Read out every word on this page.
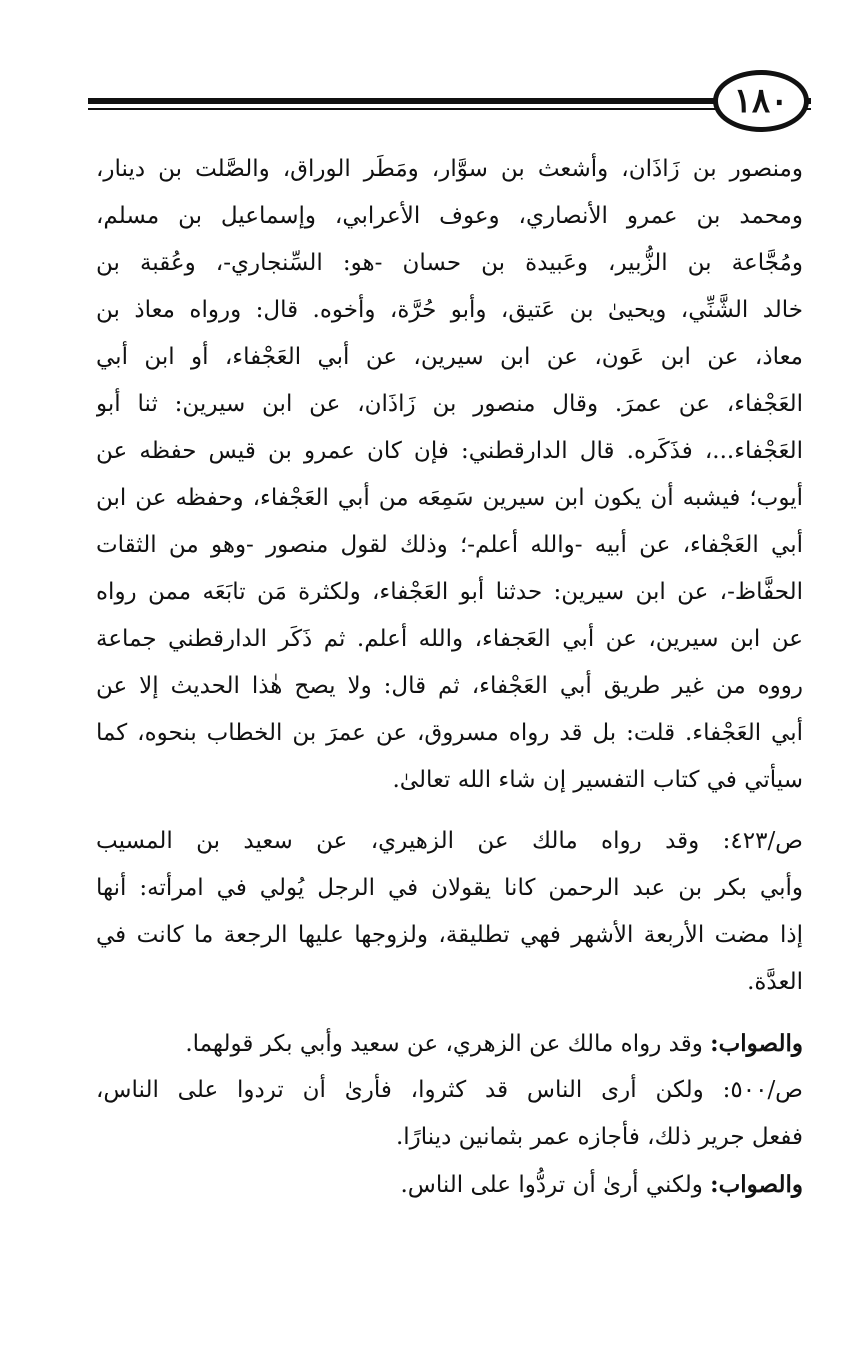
١٨٠
ومنصور بن زَاذَان، وأشعث بن سوَّار، ومَطَر الوراق، والصَّلت بن دينار،
ومحمد بن عمرو الأنصاري، وعوف الأعرابي، وإسماعيل بن مسلم،
ومُجَّاعة بن الزُّبير، وعَبيدة بن حسان -هو: السِّنجاري-، وعُقبة بن
خالد الشَّنِّي، ويحيىٰ بن عَتيق، وأبو حُرَّة، وأخوه. قال: ورواه معاذ بن
معاذ، عن ابن عَون، عن ابن سيرين، عن أبي العَجْفاء، أو ابن أبي
العَجْفاء، عن عمرَ. وقال منصور بن زَاذَان، عن ابن سيرين: ثنا أبو
العَجْفاء...، فذَكَره. قال الدارقطني: فإن كان عمرو بن قيس حفظه عن
أيوب؛ فيشبه أن يكون ابن سيرين سَمِعَه من أبي العَجْفاء، وحفظه عن ابن
أبي العَجْفاء، عن أبيه -والله أعلم-؛ وذلك لقول منصور -وهو من الثقات
الحفَّاظ-، عن ابن سيرين: حدثنا أبو العَجْفاء، ولكثرة مَن تابَعَه ممن رواه
عن ابن سيرين، عن أبي العَجفاء، والله أعلم. ثم ذَكَر الدارقطني جماعة
رووه من غير طريق أبي العَجْفاء، ثم قال: ولا يصح هٰذا الحديث إلا عن
أبي العَجْفاء. قلت: بل قد رواه مسروق، عن عمرَ بن الخطاب بنحوه، كما
سيأتي في كتاب التفسير إن شاء الله تعالىٰ.
ص/٤٢٣: وقد رواه مالك عن الزهيري، عن سعيد بن المسيب
وأبي بكر بن عبد الرحمن كانا يقولان في الرجل يُولي في امرأته: أنها
إذا مضت الأربعة الأشهر فهي تطليقة، ولزوجها عليها الرجعة ما كانت في
العدَّة.
والصواب: وقد رواه مالك عن الزهري، عن سعيد وأبي بكر قولهما.
ص/٥٠٠: ولكن أرى الناس قد كثروا، فأرىٰ أن تردوا على الناس،
ففعل جرير ذلك، فأجازه عمر بثمانين دينارًا.
والصواب: ولكني أرىٰ أن تردُّوا على الناس.
